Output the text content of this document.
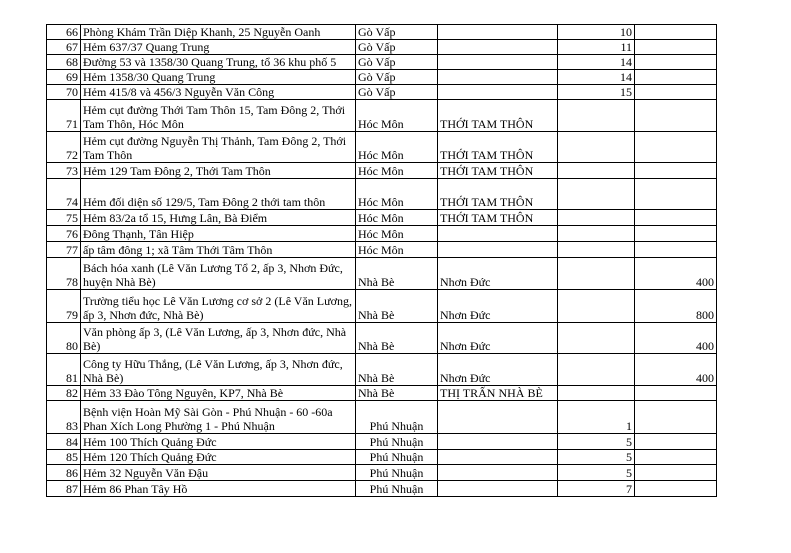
66	Phòng Khám Trần Diệp Khanh, 25 Nguyễn Oanh	Gò Vấp		10	
67	Hẻm 637/37 Quang Trung	Gò Vấp		11	
68	Đường 53 và 1358/30 Quang Trung, tổ 36 khu phố 5	Gò Vấp		14	
69	Hẻm 1358/30 Quang Trung	Gò Vấp		14	
70	Hẻm 415/8 và 456/3 Nguyễn Văn Công	Gò Vấp		15	
71	Hẻm cụt đường Thới Tam Thôn 15, Tam Đông 2, Thới Tam Thôn, Hóc Môn	Hóc Môn	THỚI TAM THÔN		
72	Hẻm cụt đường Nguyễn Thị Thảnh, Tam Đông 2, Thới Tam Thôn	Hóc Môn	THỚI TAM THÔN		
73	Hẻm 129 Tam Đông 2, Thới Tam Thôn	Hóc Môn	THỚI TAM THÔN		
74	Hẻm đối diện số 129/5, Tam Đông 2 thới tam thôn	Hóc Môn	THỚI TAM THÔN		
75	Hẻm 83/2a tổ 15, Hưng Lân, Bà Điểm	Hóc Môn	THỚI TAM THÔN		
76	Đông Thạnh, Tân Hiệp	Hóc Môn			
77	ấp tâm đông 1; xã Tâm Thới Tâm Thôn	Hóc Môn			
78	Bách hóa xanh (Lê Văn Lương Tổ 2, ấp 3, Nhơn Đức, huyện Nhà Bè)	Nhà Bè	Nhơn Đức		400
79	Trường tiểu học Lê Văn Lương cơ sở 2 (Lê Văn Lương, ấp 3, Nhơn đức, Nhà Bè)	Nhà Bè	Nhơn Đức		800
80	Văn phòng ấp 3, (Lê Văn Lương, ấp 3, Nhơn đức, Nhà Bè)	Nhà Bè	Nhơn Đức		400
81	Công ty Hữu Thắng, (Lê Văn Lương, ấp 3, Nhơn đức, Nhà Bè)	Nhà Bè	Nhơn Đức		400
82	Hẻm 33 Đào Tông Nguyên, KP7, Nhà Bè	Nhà Bè	THỊ TRẤN NHÀ BÈ		
83	Bệnh viện Hoàn Mỹ Sài Gòn - Phú Nhuận - 60 -60a Phan Xích Long Phường 1 - Phú Nhuận	Phú Nhuận		1	
84	Hẻm 100 Thích Quảng Đức	Phú Nhuận		5	
85	Hẻm 120 Thích Quảng Đức	Phú Nhuận		5	
86	Hẻm 32 Nguyễn Văn Đậu	Phú Nhuận		5	
87	Hẻm 86 Phan Tây Hồ	Phú Nhuận		7	
